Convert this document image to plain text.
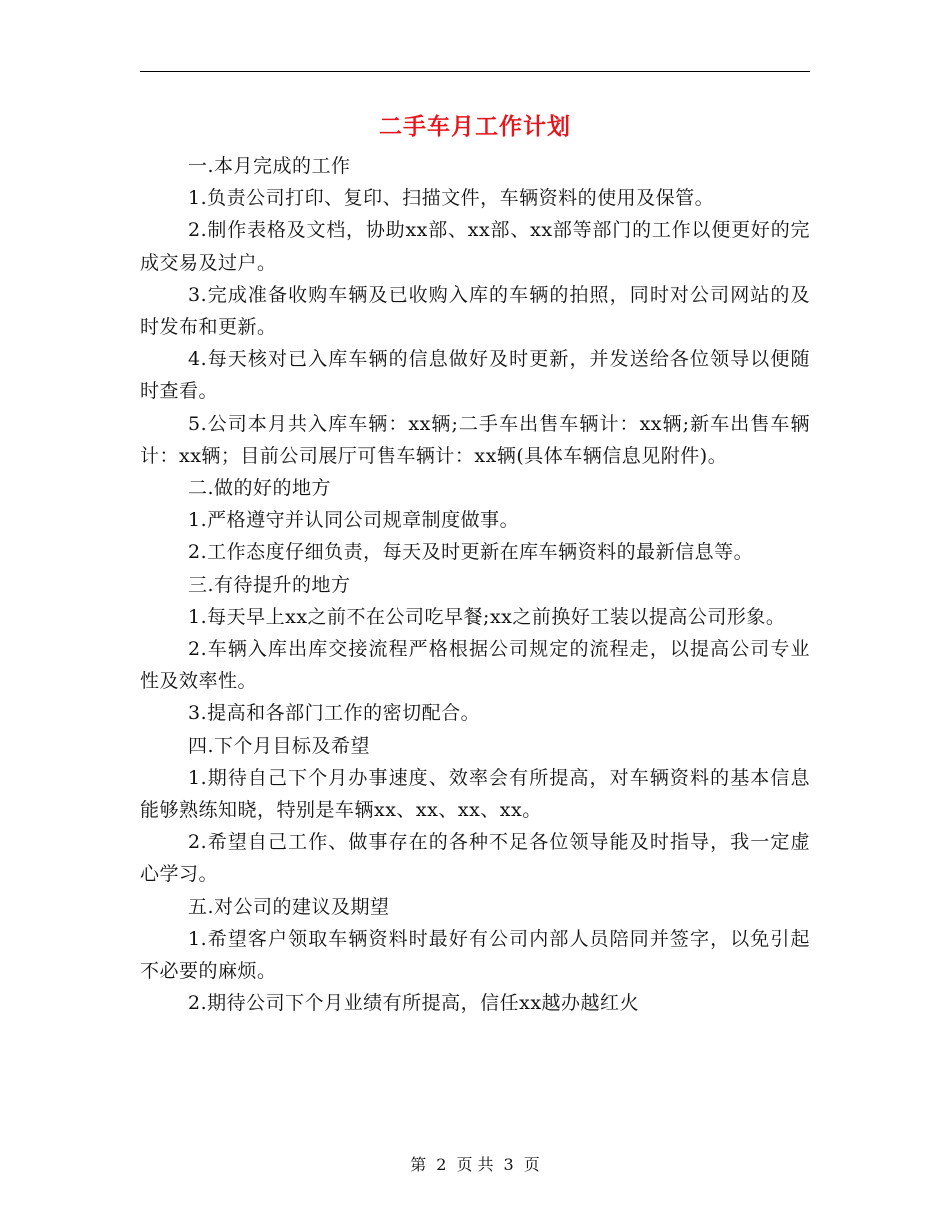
二手车月工作计划

一.本月完成的工作

1.负责公司打印、复印、扫描文件，车辆资料的使用及保管。

2.制作表格及文档，协助xx部、xx部、xx部等部门的工作以便更好的完成交易及过户。

3.完成准备收购车辆及已收购入库的车辆的拍照，同时对公司网站的及时发布和更新。

4.每天核对已入库车辆的信息做好及时更新，并发送给各位领导以便随时查看。

5.公司本月共入库车辆：xx辆;二手车出售车辆计：xx辆;新车出售车辆计：xx辆；目前公司展厅可售车辆计：xx辆(具体车辆信息见附件)。

二.做的好的地方

1.严格遵守并认同公司规章制度做事。

2.工作态度仔细负责，每天及时更新在库车辆资料的最新信息等。

三.有待提升的地方

1.每天早上xx之前不在公司吃早餐;xx之前换好工装以提高公司形象。

2.车辆入库出库交接流程严格根据公司规定的流程走，以提高公司专业性及效率性。

3.提高和各部门工作的密切配合。

四.下个月目标及希望

1.期待自己下个月办事速度、效率会有所提高，对车辆资料的基本信息能够熟练知晓，特别是车辆xx、xx、xx、xx。

2.希望自己工作、做事存在的各种不足各位领导能及时指导，我一定虚心学习。

五.对公司的建议及期望

1.希望客户领取车辆资料时最好有公司内部人员陪同并签字，以免引起不必要的麻烦。

2.期待公司下个月业绩有所提高，信任xx越办越红火

第 2 页 共 3 页
